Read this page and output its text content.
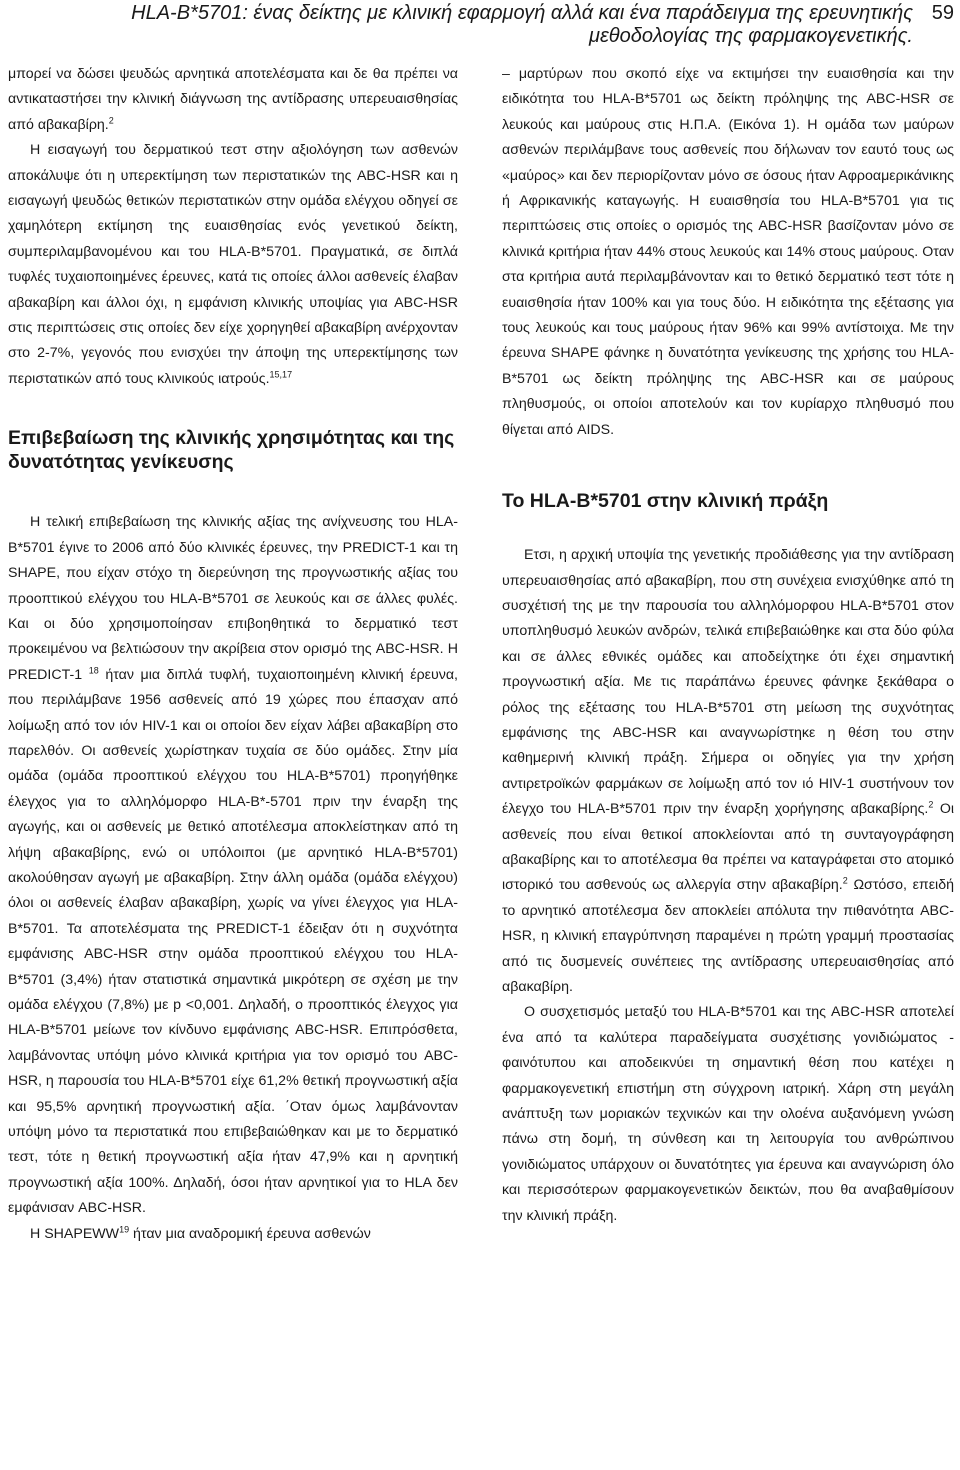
HLA-B*5701: ένας δείκτης με κλινική εφαρμογή αλλά και ένα παράδειγμα της ερευνητικής μεθοδολογίας της φαρμακογενετικής.
59

μπορεί να δώσει ψευδώς αρνητικά αποτελέσματα και δε θα πρέπει να αντικαταστήσει την κλινική διάγνωση της αντίδρασης υπερευαισθησίας από αβακαβίρη.$^2$

Η εισαγωγή του δερματικού τεστ στην αξιολόγηση των ασθενών αποκάλυψε ότι η υπερεκτίμηση των περιστατικών της ABC-HSR και η εισαγωγή ψευδώς θετικών περιστατικών στην ομάδα ελέγχου οδηγεί σε χαμηλότερη εκτίμηση της ευαισθησίας ενός γενετικού δείκτη, συμπεριλαμβανομένου και του HLA-B*5701. Πραγματικά, σε διπλά τυφλές τυχαιοποιημένες έρευνες, κατά τις οποίες άλλοι ασθενείς έλαβαν αβακαβίρη και άλλοι όχι, η εμφάνιση κλινικής υποψίας για ABC-HSR στις περιπτώσεις στις οποίες δεν είχε χορηγηθεί αβακαβίρη ανέρχονταν στο 2-7%, γεγονός που ενισχύει την άποψη της υπερεκτίμησης των περιστατικών από τους κλινικούς ιατρούς.$^{15,17}$

Επιβεβαίωση της κλινικής χρησιμότητας και της δυνατότητας γενίκευσης

Η τελική επιβεβαίωση της κλινικής αξίας της ανίχνευσης του HLA-B*5701 έγινε το 2006 από δύο κλινικές έρευνες, την PREDICT-1 και τη SHAPE, που είχαν στόχο τη διερεύνηση της προγνωστικής αξίας του προοπτικού ελέγχου του HLA-B*5701 σε λευκούς και σε άλλες φυλές. Και οι δύο χρησιμοποίησαν επιβοηθητικά το δερματικό τεστ προκειμένου να βελτιώσουν την ακρίβεια στον ορισμό της ABC-HSR. Η PREDICT-1 $^{18}$ ήταν μια διπλά τυφλή, τυχαιοποιημένη κλινική έρευνα, που περιλάμβανε 1956 ασθενείς από 19 χώρες που έπασχαν από λοίμωξη από τον ιόν HIV-1 και οι οποίοι δεν είχαν λάβει αβακαβίρη στο παρελθόν. Οι ασθενείς χωρίστηκαν τυχαία σε δύο ομάδες. Στην μία ομάδα (ομάδα προοπτικού ελέγχου του HLA-B*5701) προηγήθηκε έλεγχος για το αλληλόμορφο HLA-B*-5701 πριν την έναρξη της αγωγής, και οι ασθενείς με θετικό αποτέλεσμα αποκλείστηκαν από τη λήψη αβακαβίρης, ενώ οι υπόλοιποι (με αρνητικό HLA-B*5701) ακολούθησαν αγωγή με αβακαβίρη. Στην άλλη ομάδα (ομάδα ελέγχου) όλοι οι ασθενείς έλαβαν αβακαβίρη, χωρίς να γίνει έλεγχος για HLA-B*5701. Τα αποτελέσματα της PREDICT-1 έδειξαν ότι η συχνότητα εμφάνισης ABC-HSR στην ομάδα προοπτικού ελέγχου του HLA-B*5701 (3,4%) ήταν στατιστικά σημαντικά μικρότερη σε σχέση με την ομάδα ελέγχου (7,8%) με p <0,001. Δηλαδή, ο προοπτικός έλεγχος για HLA-B*5701 μείωνε τον κίνδυνο εμφάνισης ABC-HSR. Επιπρόσθετα, λαμβάνοντας υπόψη μόνο κλινικά κριτήρια για τον ορισμό του ABC-HSR, η παρουσία του HLA-B*5701 είχε 61,2% θετική προγνωστική αξία και 95,5% αρνητική προγνωστική αξία. ΄Οταν όμως λαμβάνονταν υπόψη μόνο τα περιστατικά που επιβεβαιώθηκαν και με το δερματικό τεστ, τότε η θετική προγνωστική αξία ήταν 47,9% και η αρνητική προγνωστική αξία 100%. Δηλαδή, όσοι ήταν αρνητικοί για το HLA δεν εμφάνισαν ABC-HSR.

Η SHAPEWW$^{19}$ ήταν μια αναδρομική έρευνα ασθενών

– μαρτύρων που σκοπό είχε να εκτιμήσει την ευαισθησία και την ειδικότητα του HLA-B*5701 ως δείκτη πρόληψης της ABC-HSR σε λευκούς και μαύρους στις Η.Π.Α. (Εικόνα 1). Η ομάδα των μαύρων ασθενών περιλάμβανε τους ασθενείς που δήλωναν τον εαυτό τους ως «μαύρος» και δεν περιορίζονταν μόνο σε όσους ήταν Αφροαμερικάνικης ή Αφρικανικής καταγωγής. Η ευαισθησία του HLA-B*5701 για τις περιπτώσεις στις οποίες ο ορισμός της ABC-HSR βασίζονταν μόνο σε κλινικά κριτήρια ήταν 44% στους λευκούς και 14% στους μαύρους. Οταν στα κριτήρια αυτά περιλαμβάνονταν και το θετικό δερματικό τεστ τότε η ευαισθησία ήταν 100% και για τους δύο. Η ειδικότητα της εξέτασης για τους λευκούς και τους μαύρους ήταν 96% και 99% αντίστοιχα. Με την έρευνα SHAPE φάνηκε η δυνατότητα γενίκευσης της χρήσης του HLA-B*5701 ως δείκτη πρόληψης της ABC-HSR και σε μαύρους πληθυσμούς, οι οποίοι αποτελούν και τον κυρίαρχο πληθυσμό που θίγεται από AIDS.

Το HLA-B*5701 στην κλινική πράξη

Ετσι, η αρχική υποψία της γενετικής προδιάθεσης για την αντίδραση υπερευαισθησίας από αβακαβίρη, που στη συνέχεια ενισχύθηκε από τη συσχέτισή της με την παρουσία του αλληλόμορφου HLA-B*5701 στον υποπληθυσμό λευκών ανδρών, τελικά επιβεβαιώθηκε και στα δύο φύλα και σε άλλες εθνικές ομάδες και αποδείχτηκε ότι έχει σημαντική προγνωστική αξία. Με τις παράπάνω έρευνες φάνηκε ξεκάθαρα ο ρόλος της εξέτασης του HLA-B*5701 στη μείωση της συχνότητας εμφάνισης της ABC-HSR και αναγνωρίστηκε η θέση του στην καθημερινή κλινική πράξη. Σήμερα οι οδηγίες για την χρήση αντιρετροϊκών φαρμάκων σε λοίμωξη από τον ιό HIV-1 συστήνουν τον έλεγχο του HLA-B*5701 πριν την έναρξη χορήγησης αβακαβίρης.$^2$ Οι ασθενείς που είναι θετικοί αποκλείονται από τη συνταγογράφηση αβακαβίρης και το αποτέλεσμα θα πρέπει να καταγράφεται στο ατομικό ιστορικό του ασθενούς ως αλλεργία στην αβακαβίρη.$^2$ Ωστόσο, επειδή το αρνητικό αποτέλεσμα δεν αποκλείει απόλυτα την πιθανότητα ABC-HSR, η κλινική επαγρύπνηση παραμένει η πρώτη γραμμή προστασίας από τις δυσμενείς συνέπειες της αντίδρασης υπερευαισθησίας από αβακαβίρη.

Ο συσχετισμός μεταξύ του HLA-B*5701 και της ABC-HSR αποτελεί ένα από τα καλύτερα παραδείγματα συσχέτισης γονιδιώματος - φαινότυπου και αποδεικνύει τη σημαντική θέση που κατέχει η φαρμακογενετική επιστήμη στη σύγχρονη ιατρική. Χάρη στη μεγάλη ανάπτυξη των μοριακών τεχνικών και την ολοένα αυξανόμενη γνώση πάνω στη δομή, τη σύνθεση και τη λειτουργία του ανθρώπινου γονιδιώματος υπάρχουν οι δυνατότητες για έρευνα και αναγνώριση όλο και περισσότερων φαρμακογενετικών δεικτών, που θα αναβαθμίσουν την κλινική πράξη.
